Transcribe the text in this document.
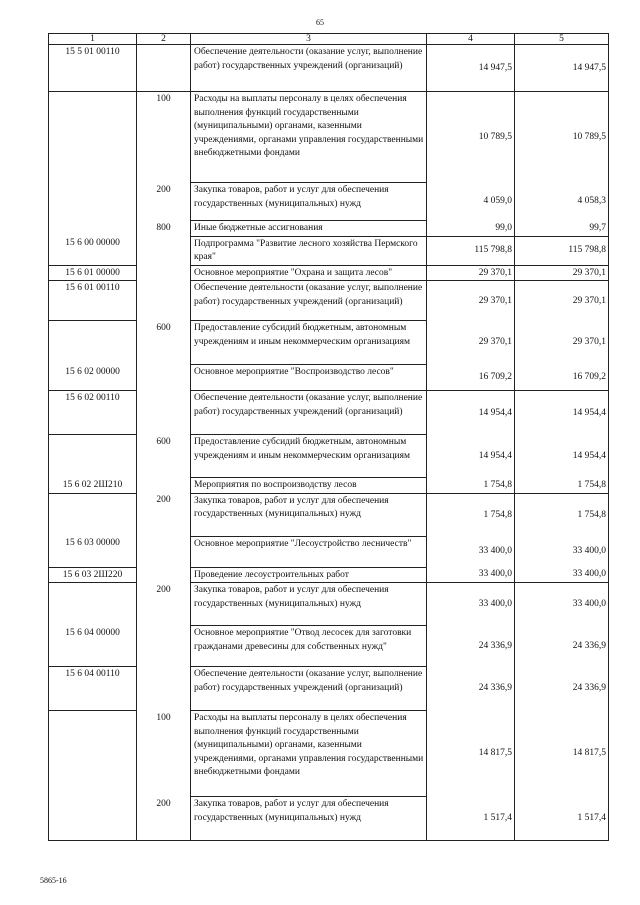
65
1	2	3	4	5
15 5 01 00110		Обеспечение деятельности (оказание услуг, выполнение работ) государственных учреждений (организаций)	14 947,5	14 947,5
	100	Расходы на выплаты персоналу в целях обеспечения выполнения функций государственными (муниципальными) органами, казенными учреждениями, органами управления государственными внебюджетными фондами	10 789,5	10 789,5
	200	Закупка товаров, работ и услуг для обеспечения государственных (муниципальных) нужд	4 059,0	4 058,3
	800	Иные бюджетные ассигнования	99,0	99,7
15 6 00 00000		Подпрограмма "Развитие лесного хозяйства Пермского края"	115 798,8	115 798,8
15 6 01 00000		Основное мероприятие "Охрана и защита лесов"	29 370,1	29 370,1
15 6 01 00110		Обеспечение деятельности (оказание услуг, выполнение работ) государственных учреждений (организаций)	29 370,1	29 370,1
	600	Предоставление субсидий бюджетным, автономным учреждениям и иным некоммерческим организациям	29 370,1	29 370,1
15 6 02 00000		Основное мероприятие "Воспроизводство лесов"	16 709,2	16 709,2
15 6 02 00110		Обеспечение деятельности (оказание услуг, выполнение работ) государственных учреждений (организаций)	14 954,4	14 954,4
	600	Предоставление субсидий бюджетным, автономным учреждениям и иным некоммерческим организациям	14 954,4	14 954,4
15 6 02 2Ш210		Мероприятия по воспроизводству лесов	1 754,8	1 754,8
	200	Закупка товаров, работ и услуг для обеспечения государственных (муниципальных) нужд	1 754,8	1 754,8
15 6 03 00000		Основное мероприятие "Лесоустройство лесничеств"	33 400,0	33 400,0
15 6 03 2Ш220		Проведение лесоустроительных работ	33 400,0	33 400,0
	200	Закупка товаров, работ и услуг для обеспечения государственных (муниципальных) нужд	33 400,0	33 400,0
15 6 04 00000		Основное мероприятие "Отвод лесосек для заготовки гражданами древесины для собственных нужд"	24 336,9	24 336,9
15 6 04 00110		Обеспечение деятельности (оказание услуг, выполнение работ) государственных учреждений (организаций)	24 336,9	24 336,9
	100	Расходы на выплаты персоналу в целях обеспечения выполнения функций государственными (муниципальными) органами, казенными учреждениями, органами управления государственными внебюджетными фондами	14 817,5	14 817,5
	200	Закупка товаров, работ и услуг для обеспечения государственных (муниципальных) нужд	1 517,4	1 517,4
5865-16
